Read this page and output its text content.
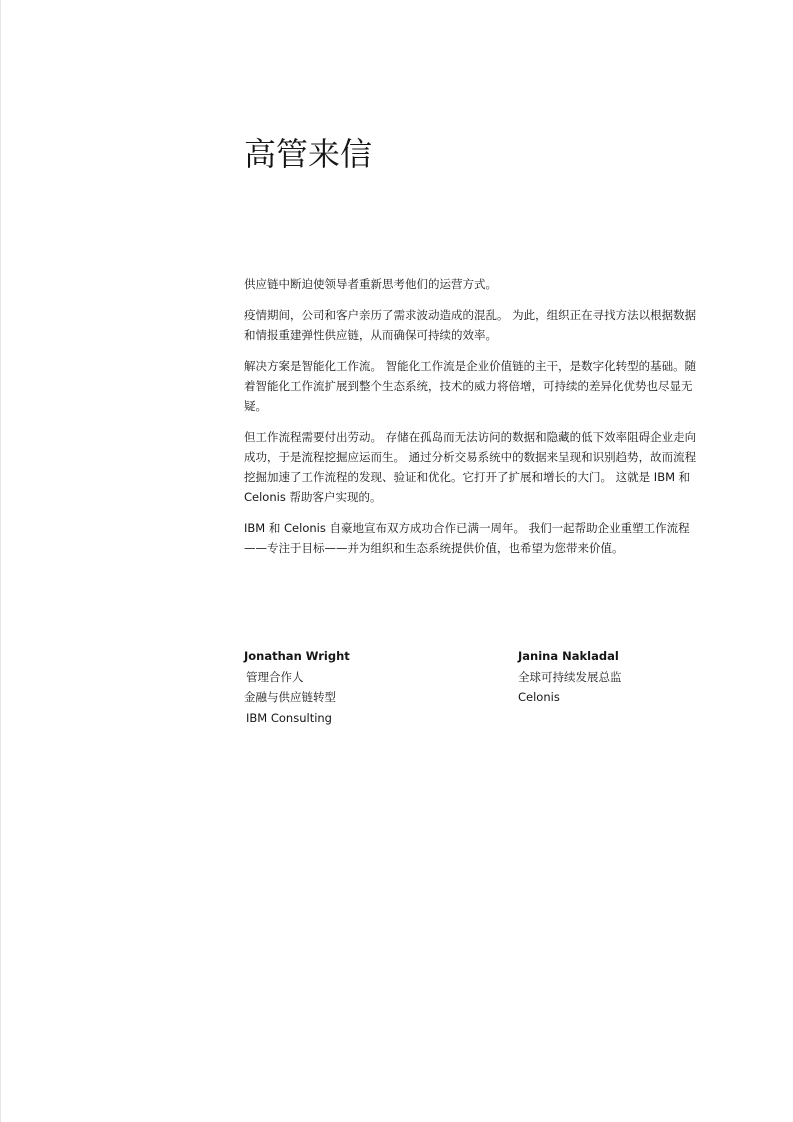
高管来信

供应链中断迫使领导者重新思考他们的运营方式。

疫情期间，公司和客户亲历了需求波动造成的混乱。 为此，组织正在寻找方法以根据数据和情报重建弹性供应链，从而确保可持续的效率。

解决方案是智能化工作流。 智能化工作流是企业价值链的主干，是数字化转型的基础。随着智能化工作流扩展到整个生态系统，技术的威力将倍增，可持续的差异化优势也尽显无疑。

但工作流程需要付出劳动。 存储在孤岛而无法访问的数据和隐藏的低下效率阻碍企业走向成功，于是流程挖掘应运而生。 通过分析交易系统中的数据来呈现和识别趋势，故而流程挖掘加速了工作流程的发现、验证和优化。它打开了扩展和增长的大门。 这就是 IBM 和 Celonis 帮助客户实现的。

IBM 和 Celonis 自豪地宣布双方成功合作已满一周年。 我们一起帮助企业重塑工作流程——专注于目标——并为组织和生态系统提供价值，也希望为您带来价值。

Jonathan Wright
管理合作人
金融与供应链转型
IBM Consulting
Janina Nakladal
全球可持续发展总监
Celonis
